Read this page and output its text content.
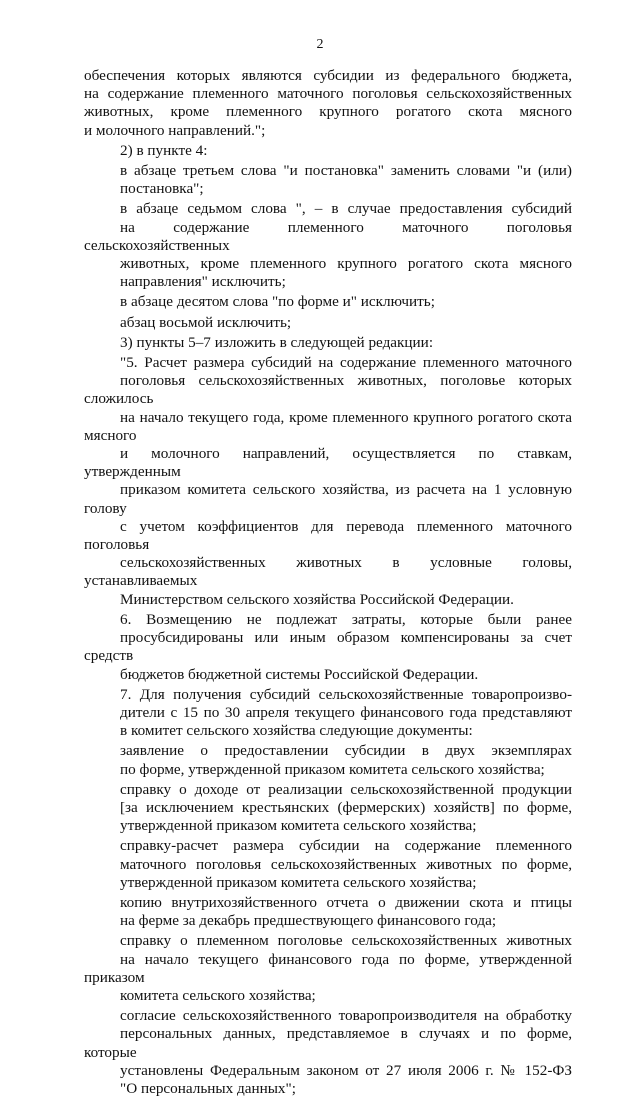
2
обеспечения которых являются субсидии из федерального бюджета,
на содержание племенного маточного поголовья сельскохозяйственных
животных, кроме племенного крупного рогатого скота мясного
и молочного направлений.";
2) в пункте 4:
в абзаце третьем слова "и постановка" заменить словами "и (или)
постановка";
в абзаце седьмом слова ", – в случае предоставления субсидий
на содержание племенного маточного поголовья сельскохозяйственных
животных, кроме племенного крупного рогатого скота мясного
направления" исключить;
в абзаце десятом слова "по форме и" исключить;
абзац восьмой исключить;
3) пункты 5–7 изложить в следующей редакции:
"5. Расчет размера субсидий на содержание племенного маточного
поголовья сельскохозяйственных животных, поголовье которых сложилось
на начало текущего года, кроме племенного крупного рогатого скота мясного
и молочного направлений, осуществляется по ставкам, утвержденным
приказом комитета сельского хозяйства, из расчета на 1 условную голову
с учетом коэффициентов для перевода племенного маточного поголовья
сельскохозяйственных животных в условные головы, устанавливаемых
Министерством сельского хозяйства Российской Федерации.
6. Возмещению не подлежат затраты, которые были ранее
просубсидированы или иным образом компенсированы за счет средств
бюджетов бюджетной системы Российской Федерации.
7. Для получения субсидий сельскохозяйственные товаропроизво-
дители с 15 по 30 апреля текущего финансового года представляют
в комитет сельского хозяйства следующие документы:
заявление о предоставлении субсидии в двух экземплярах
по форме, утвержденной приказом комитета сельского хозяйства;
справку о доходе от реализации сельскохозяйственной продукции
[за исключением крестьянских (фермерских) хозяйств] по форме,
утвержденной приказом комитета сельского хозяйства;
справку-расчет размера субсидии на содержание племенного
маточного поголовья сельскохозяйственных животных по форме,
утвержденной приказом комитета сельского хозяйства;
копию внутрихозяйственного отчета о движении скота и птицы
на ферме за декабрь предшествующего финансового года;
справку о племенном поголовье сельскохозяйственных животных
на начало текущего финансового года по форме, утвержденной приказом
комитета сельского хозяйства;
согласие сельскохозяйственного товаропроизводителя на обработку
персональных данных, представляемое в случаях и по форме, которые
установлены Федеральным законом от 27 июля 2006 г. № 152-ФЗ
"О персональных данных";
